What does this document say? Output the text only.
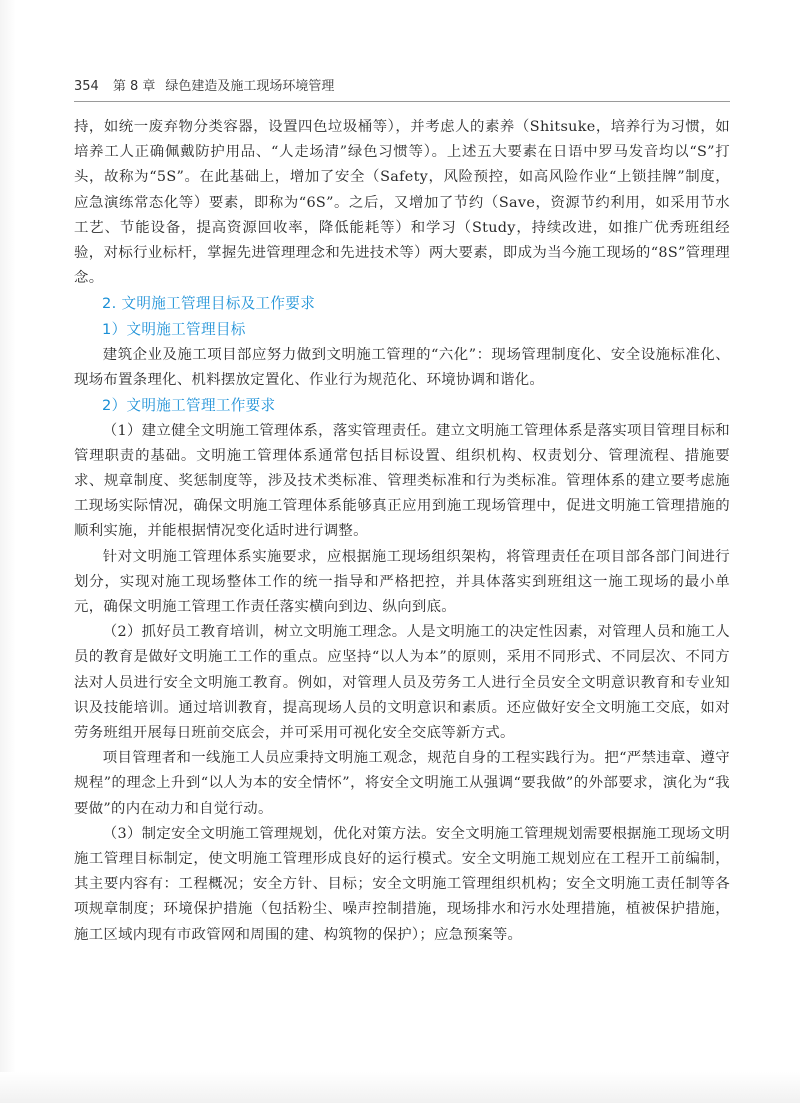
354 第 8 章 绿色建造及施工现场环境管理

持，如统一废弃物分类容器，设置四色垃圾桶等），并考虑人的素养（Shitsuke，培养行为习惯，如培养工人正确佩戴防护用品、“人走场清”绿色习惯等）。上述五大要素在日语中罗马发音均以“S”打头，故称为“5S”。在此基础上，增加了安全（Safety，风险预控，如高风险作业“上锁挂牌”制度，应急演练常态化等）要素，即称为“6S”。之后，又增加了节约（Save，资源节约利用，如采用节水工艺、节能设备，提高资源回收率，降低能耗等）和学习（Study，持续改进，如推广优秀班组经验，对标行业标杆，掌握先进管理理念和先进技术等）两大要素，即成为当今施工现场的“8S”管理理念。

2. 文明施工管理目标及工作要求

1）文明施工管理目标

建筑企业及施工项目部应努力做到文明施工管理的“六化”：现场管理制度化、安全设施标准化、现场布置条理化、机料摆放定置化、作业行为规范化、环境协调和谐化。

2）文明施工管理工作要求

（1）建立健全文明施工管理体系，落实管理责任。建立文明施工管理体系是落实项目管理目标和管理职责的基础。文明施工管理体系通常包括目标设置、组织机构、权责划分、管理流程、措施要求、规章制度、奖惩制度等，涉及技术类标准、管理类标准和行为类标准。管理体系的建立要考虑施工现场实际情况，确保文明施工管理体系能够真正应用到施工现场管理中，促进文明施工管理措施的顺利实施，并能根据情况变化适时进行调整。

针对文明施工管理体系实施要求，应根据施工现场组织架构，将管理责任在项目部各部门间进行划分，实现对施工现场整体工作的统一指导和严格把控，并具体落实到班组这一施工现场的最小单元，确保文明施工管理工作责任落实横向到边、纵向到底。

（2）抓好员工教育培训，树立文明施工理念。人是文明施工的决定性因素，对管理人员和施工人员的教育是做好文明施工工作的重点。应坚持“以人为本”的原则，采用不同形式、不同层次、不同方法对人员进行安全文明施工教育。例如，对管理人员及劳务工人进行全员安全文明意识教育和专业知识及技能培训。通过培训教育，提高现场人员的文明意识和素质。还应做好安全文明施工交底，如对劳务班组开展每日班前交底会，并可采用可视化安全交底等新方式。

项目管理者和一线施工人员应秉持文明施工观念，规范自身的工程实践行为。把“严禁违章、遵守规程”的理念上升到“以人为本的安全情怀”，将安全文明施工从强调“要我做”的外部要求，演化为“我要做”的内在动力和自觉行动。

（3）制定安全文明施工管理规划，优化对策方法。安全文明施工管理规划需要根据施工现场文明施工管理目标制定，使文明施工管理形成良好的运行模式。安全文明施工规划应在工程开工前编制，其主要内容有：工程概况；安全方针、目标；安全文明施工管理组织机构；安全文明施工责任制等各项规章制度；环境保护措施（包括粉尘、噪声控制措施，现场排水和污水处理措施，植被保护措施，施工区域内现有市政管网和周围的建、构筑物的保护）；应急预案等。
